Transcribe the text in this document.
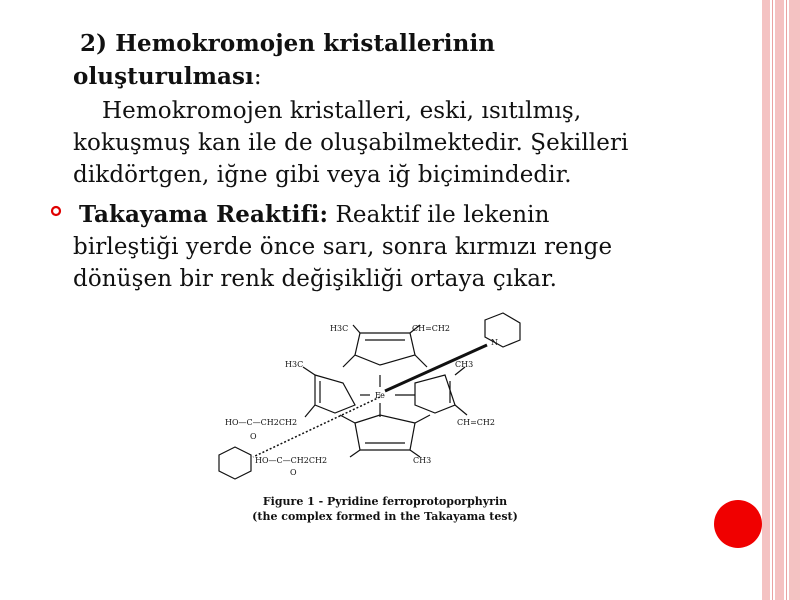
2) Hemokromojen kristallerinin
oluşturulması:
Hemokromojen kristalleri, eski, ısıtılmış,
kokuşmuş kan ile de oluşabilmektedir. Şekilleri
dikdörtgen, iğne gibi veya iğ biçimindedir.
Takayama Reaktifi: Reaktif ile lekenin
birleştiği yerde önce sarı, sonra kırmızı renge
dönüşen bir renk değişikliği ortaya çıkar.
H3C	CH=CH2
H3C	CH3
CH=CH2
HO—C—CH2CH2
HO—C—CH2CH2	CH3
O
O
Fe
N
Figure 1 - Pyridine ferroprotoporphyrin
(the complex formed in the Takayama test)
